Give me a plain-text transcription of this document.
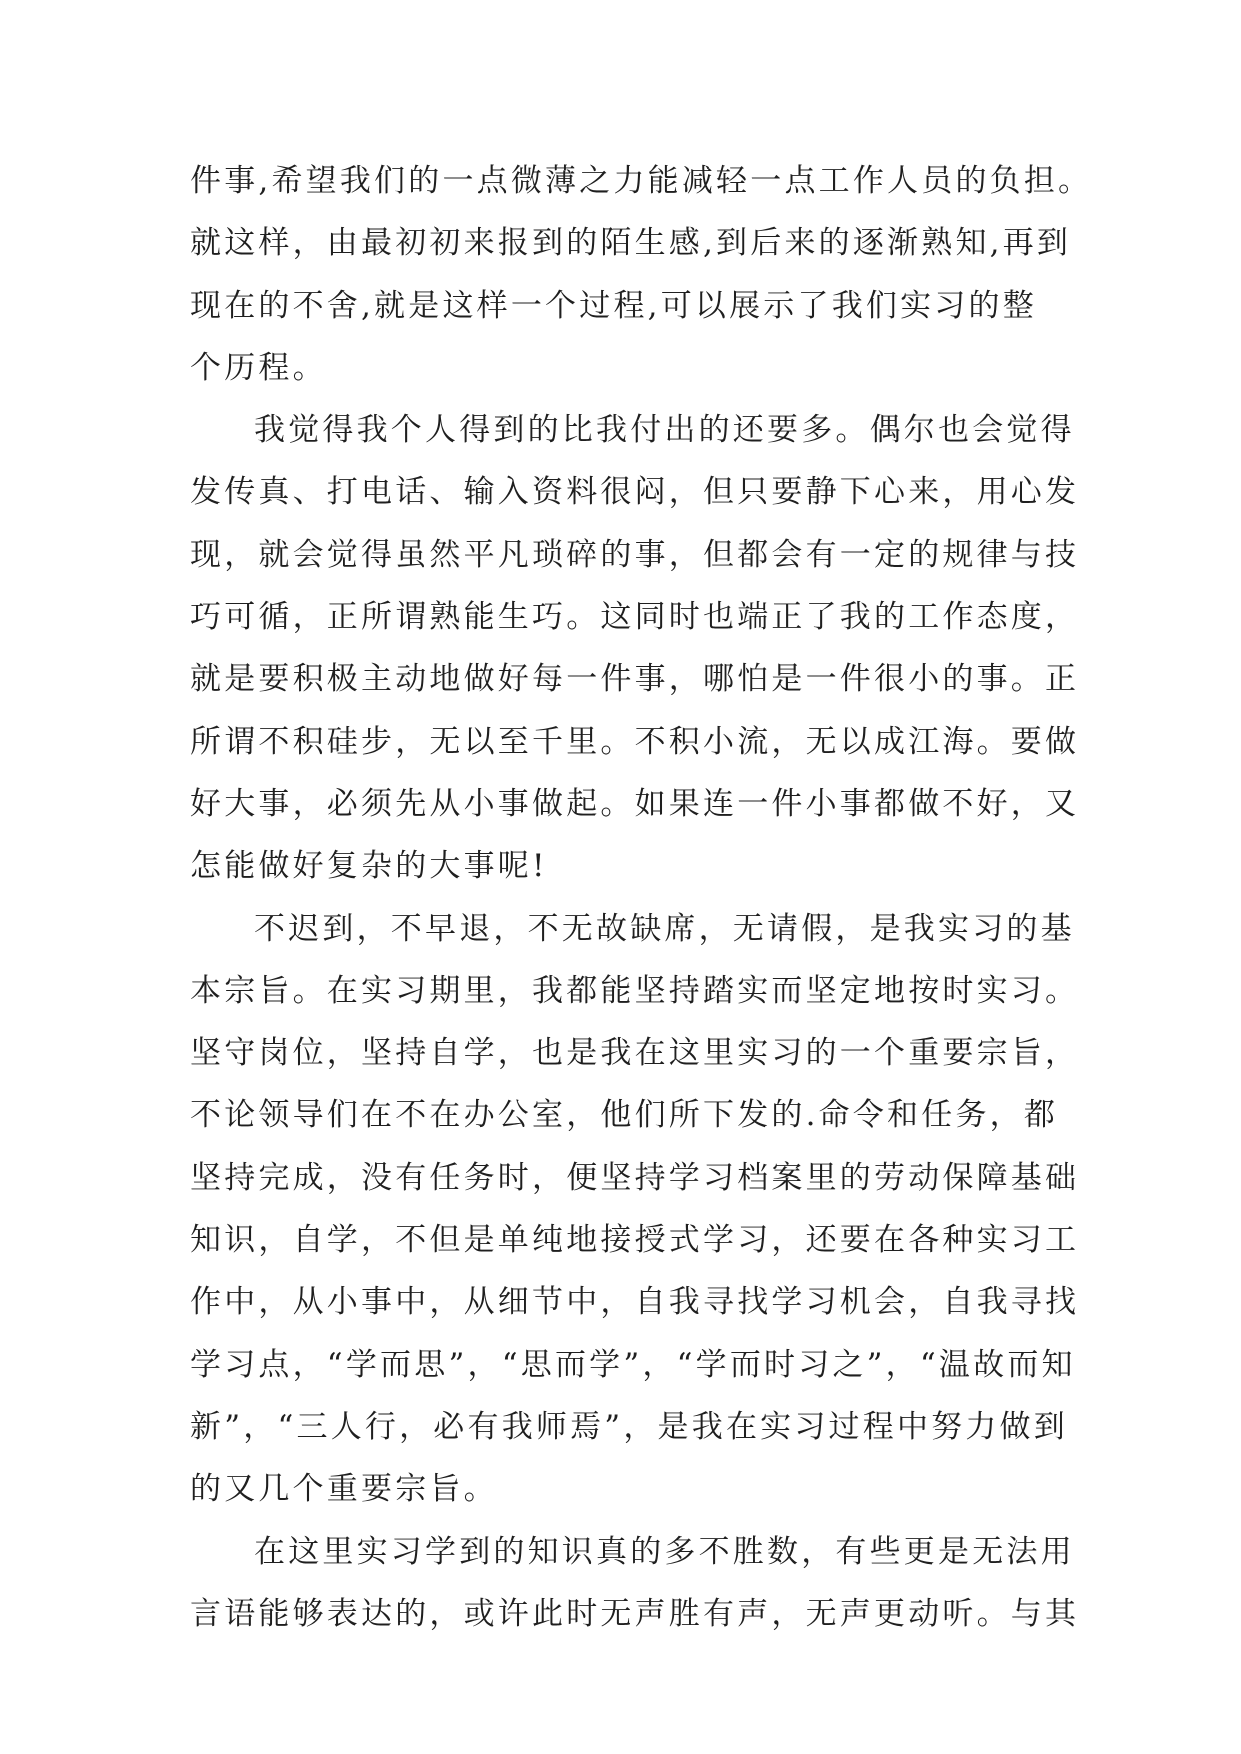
件事,希望我们的一点微薄之力能减轻一点工作人员的负担。
就这样，由最初初来报到的陌生感,到后来的逐渐熟知,再到
现在的不舍,就是这样一个过程,可以展示了我们实习的整
个历程。
我觉得我个人得到的比我付出的还要多。偶尔也会觉得
发传真、打电话、输入资料很闷，但只要静下心来，用心发
现，就会觉得虽然平凡琐碎的事，但都会有一定的规律与技
巧可循，正所谓熟能生巧。这同时也端正了我的工作态度，
就是要积极主动地做好每一件事，哪怕是一件很小的事。正
所谓不积硅步，无以至千里。不积小流，无以成江海。要做
好大事，必须先从小事做起。如果连一件小事都做不好，又
怎能做好复杂的大事呢!
不迟到，不早退，不无故缺席，无请假，是我实习的基
本宗旨。在实习期里，我都能坚持踏实而坚定地按时实习。
坚守岗位，坚持自学，也是我在这里实习的一个重要宗旨，
不论领导们在不在办公室，他们所下发的.命令和任务，都
坚持完成，没有任务时，便坚持学习档案里的劳动保障基础
知识，自学，不但是单纯地接授式学习，还要在各种实习工
作中，从小事中，从细节中，自我寻找学习机会，自我寻找
学习点，“学而思”，“思而学”，“学而时习之”，“温故而知
新”，“三人行，必有我师焉”，是我在实习过程中努力做到
的又几个重要宗旨。
在这里实习学到的知识真的多不胜数，有些更是无法用
言语能够表达的，或许此时无声胜有声，无声更动听。与其
